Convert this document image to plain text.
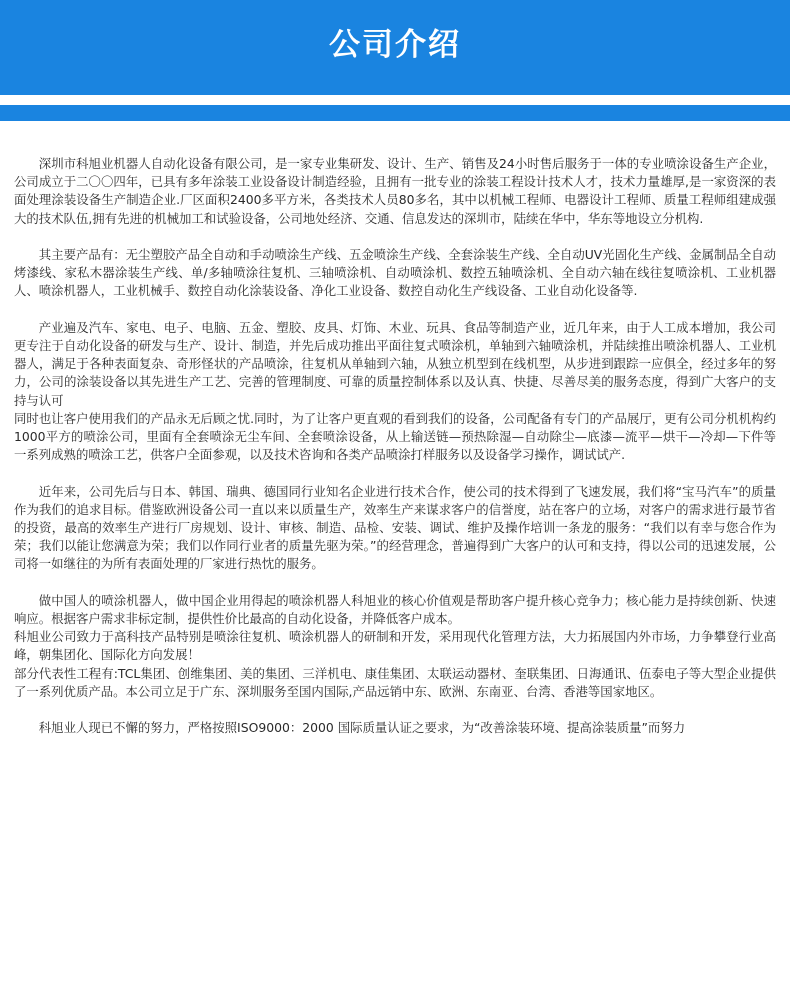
公司介绍

深圳市科旭业机器人自动化设备有限公司，是一家专业集研发、设计、生产、销售及24小时售后服务于一体的专业喷涂设备生产企业，公司成立于二〇〇四年，已具有多年涂装工业设备设计制造经验，且拥有一批专业的涂装工程设计技术人才，技术力量雄厚,是一家资深的表面处理涂装设备生产制造企业.厂区面积2400多平方米，各类技术人员80多名，其中以机械工程师、电器设计工程师、质量工程师组建成强大的技术队伍,拥有先进的机械加工和试验设备，公司地处经济、交通、信息发达的深圳市，陆续在华中，华东等地设立分机构.

其主要产品有：无尘塑胶产品全自动和手动喷涂生产线、五金喷涂生产线、全套涂装生产线、全自动UV光固化生产线、金属制品全自动烤漆线、家私木器涂装生产线、单/多轴喷涂往复机、三轴喷涂机、自动喷涂机、数控五轴喷涂机、全自动六轴在线往复喷涂机、工业机器人、喷涂机器人，工业机械手、数控自动化涂装设备、净化工业设备、数控自动化生产线设备、工业自动化设备等.

产业遍及汽车、家电、电子、电脑、五金、塑胶、皮具、灯饰、木业、玩具、食品等制造产业，近几年来，由于人工成本增加，我公司更专注于自动化设备的研发与生产、设计、制造，并先后成功推出平面往复式喷涂机，单轴到六轴喷涂机，并陆续推出喷涂机器人、工业机器人，满足于各种表面复杂、奇形怪状的产品喷涂，往复机从单轴到六轴，从独立机型到在线机型，从步进到跟踪一应俱全，经过多年的努力，公司的涂装设备以其先进生产工艺、完善的管理制度、可靠的质量控制体系以及认真、快捷、尽善尽美的服务态度，得到广大客户的支持与认可

同时也让客户使用我们的产品永无后顾之忧.同时，为了让客户更直观的看到我们的设备，公司配备有专门的产品展厅，更有公司分机机构约1000平方的喷涂公司，里面有全套喷涂无尘车间、全套喷涂设备，从上输送链—预热除湿—自动除尘—底漆—流平—烘干—冷却—下件等一系列成熟的喷涂工艺，供客户全面参观，以及技术咨询和各类产品喷涂打样服务以及设备学习操作，调试试产.

近年来，公司先后与日本、韩国、瑞典、德国同行业知名企业进行技术合作，使公司的技术得到了飞速发展，我们将“宝马汽车”的质量作为我们的追求目标。借鉴欧洲设备公司一直以来以质量生产，效率生产来谋求客户的信誉度，站在客户的立场，对客户的需求进行最节省的投资，最高的效率生产进行厂房规划、设计、审核、制造、品检、安装、调试、维护及操作培训一条龙的服务：“我们以有幸与您合作为荣；我们以能让您满意为荣；我们以作同行业者的质量先驱为荣。”的经营理念，普遍得到广大客户的认可和支持，得以公司的迅速发展，公司将一如继往的为所有表面处理的厂家进行热忱的服务。

做中国人的喷涂机器人，做中国企业用得起的喷涂机器人科旭业的核心价值观是帮助客户提升核心竞争力；核心能力是持续创新、快速响应。根据客户需求非标定制，提供性价比最高的自动化设备，并降低客户成本。

科旭业公司致力于高科技产品特别是喷涂往复机、喷涂机器人的研制和开发，采用现代化管理方法，大力拓展国内外市场，力争攀登行业高峰，朝集团化、国际化方向发展！

部分代表性工程有:TCL集团、创维集团、美的集团、三洋机电、康佳集团、太联运动器材、奎联集团、日海通讯、伍泰电子等大型企业提供了一系列优质产品。本公司立足于广东、深圳服务至国内国际,产品远销中东、欧洲、东南亚、台湾、香港等国家地区。

科旭业人现已不懈的努力，严格按照ISO9000：2000 国际质量认证之要求，为“改善涂装环境、提高涂装质量”而努力
